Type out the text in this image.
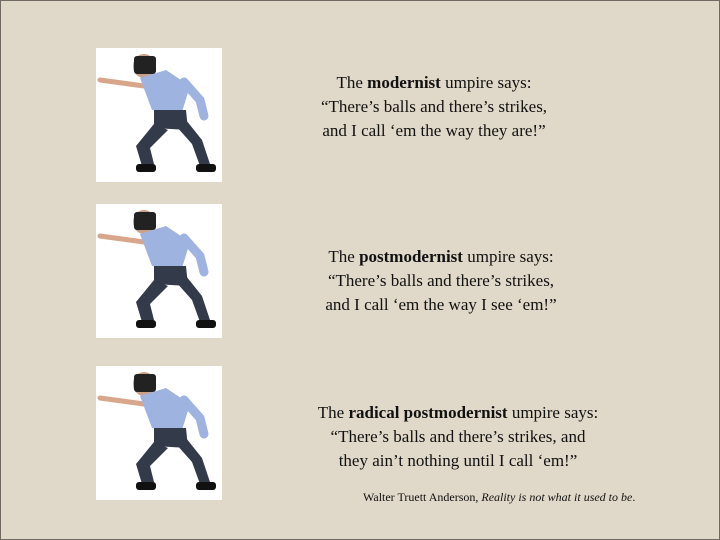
The modernist umpire says:
“There’s balls and there’s strikes,
and I call ‘em the way they are!”
The postmodernist umpire says:
“There’s balls and there’s strikes,
and I call ‘em the way I see ‘em!”
The radical postmodernist umpire says:
“There’s balls and there’s strikes, and
they ain’t nothing until I call ‘em!”
Walter Truett Anderson, Reality is not what it used to be.
